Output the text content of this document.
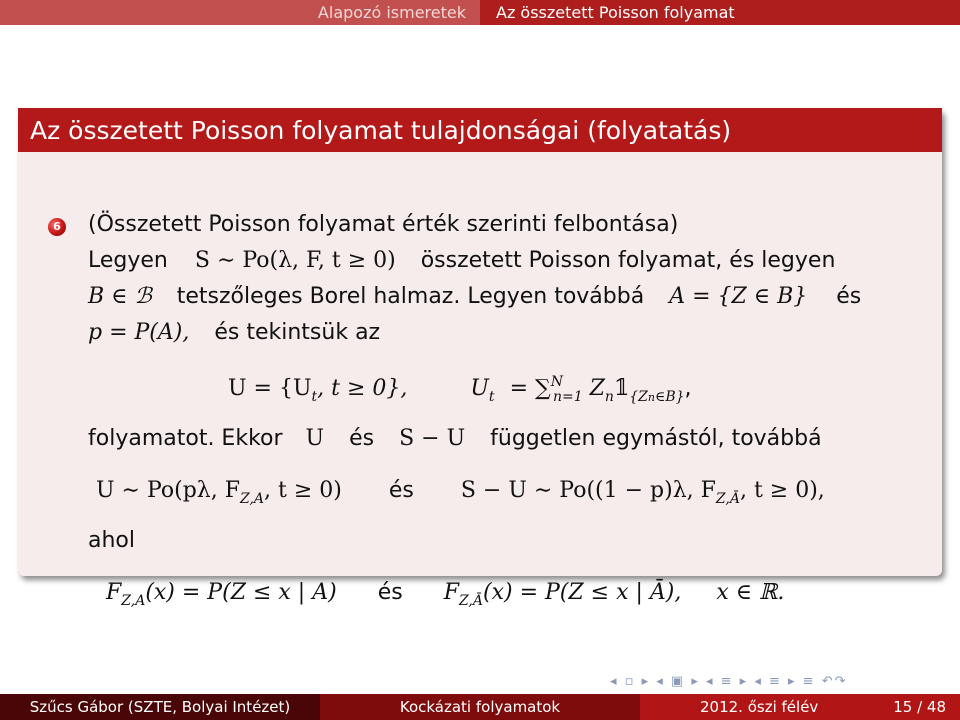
Alapozó ismeretek	Az összetett Poisson folyamat
Az összetett Poisson folyamat tulajdonságai (folyatatás)
6 (Összetett Poisson folyamat érték szerinti felbontása)
Legyen S ∼ Po(λ, F, t ≥ 0) összetett Poisson folyamat, és legyen
B ∈ ℬ tetszőleges Borel halmaz. Legyen továbbá A = {Z ∈ B} és
p = P(A), és tekintsük az
$U = \{U_t$, t ≥ 0},	$U_t = \sum^N_{n=1}$ $Z_n𝟙_{\{Zn\in B\}}$,
folyamatot. Ekkor U és S − U független egymástól, továbbá
U ∼ Po(pλ, $F_{Z,A}$, t ≥ 0) és S − U ∼ Po((1 − p)λ, $F_{Z,Ā}$, t ≥ 0),
ahol
$F_{Z,A}(x) = P(Z \le x$ | A) és $F_{Z,Ā}(x) = P(Z \le x$ | Ā), x ∈ ℝ.
◂ ▫ ▸ ◂ ▣ ▸ ◂ ≡ ▸ ◂ ≡ ▸ ≡ ↶↷
Szűcs Gábor (SZTE, Bolyai Intézet)	Kockázati folyamatok	2012. őszi félév	15 / 48
